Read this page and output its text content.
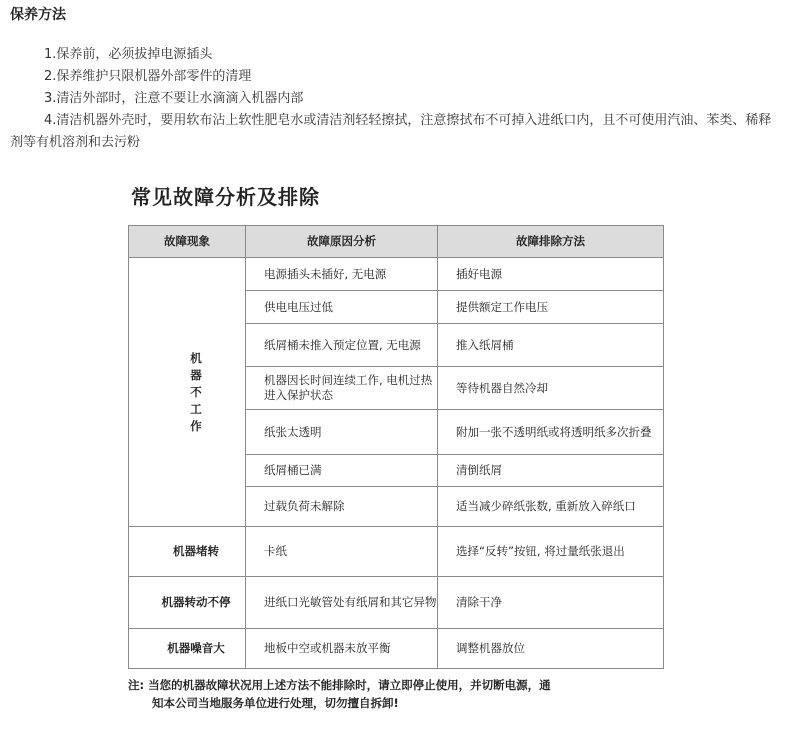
保养方法

1.保养前，必须拔掉电源插头

2.保养维护只限机器外部零件的清理

3.清洁外部时，注意不要让水滴滴入机器内部

4.清洁机器外壳时，要用软布沾上软性肥皂水或清洁剂轻轻擦拭，注意擦拭布不可掉入进纸口内，且不可使用汽油、苯类、稀释剂等有机溶剂和去污粉

常见故障分析及排除
故障现象	故障原因分析	故障排除方法
机器不工作	电源插头未插好, 无电源	插好电源
	供电电压过低	提供额定工作电压
	纸屑桶未推入预定位置, 无电源	推入纸屑桶
	机器因长时间连续工作, 电机过热进入保护状态	等待机器自然冷却
	纸张太透明	附加一张不透明纸或将透明纸多次折叠
	纸屑桶已满	清倒纸屑
	过载负荷未解除	适当减少碎纸张数, 重新放入碎纸口
机器堵转	卡纸	选择“反转”按钮, 将过量纸张退出
机器转动不停	进纸口光敏管处有纸屑和其它异物	清除干净
机器噪音大	地板中空或机器未放平衡	调整机器放位
注: 当您的机器故障状况用上述方法不能排除时，请立即停止使用，并切断电源，通
知本公司当地服务单位进行处理，切勿擅自拆卸!
